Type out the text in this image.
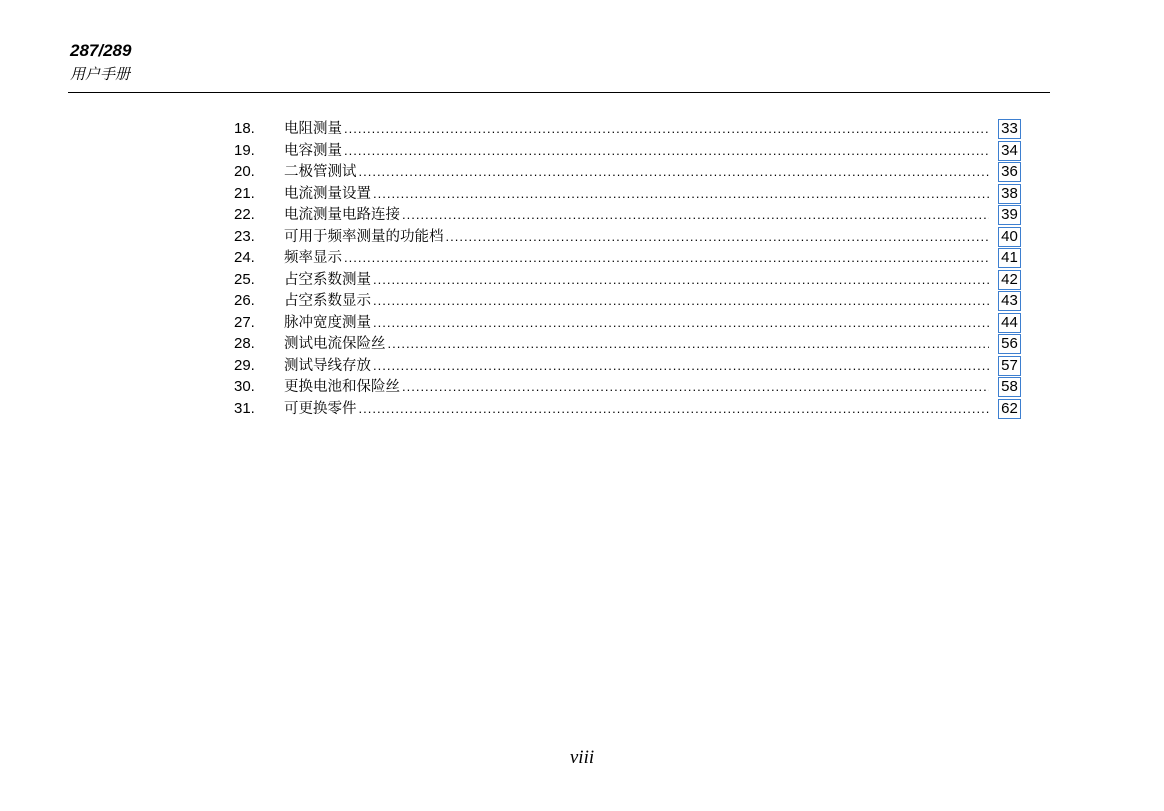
287/289
用户手册
18.	电阻测量 .....	33
19.	电容测量 .....	34
20.	二极管测试 .....	36
21.	电流测量设置 .....	38
22.	电流测量电路连接 .....	39
23.	可用于频率测量的功能档 .....	40
24.	频率显示 .....	41
25.	占空系数测量 .....	42
26.	占空系数显示 .....	43
27.	脉冲宽度测量 .....	44
28.	测试电流保险丝 .....	56
29.	测试导线存放 .....	57
30.	更换电池和保险丝 .....	58
31.	可更换零件 .....	62
viii
